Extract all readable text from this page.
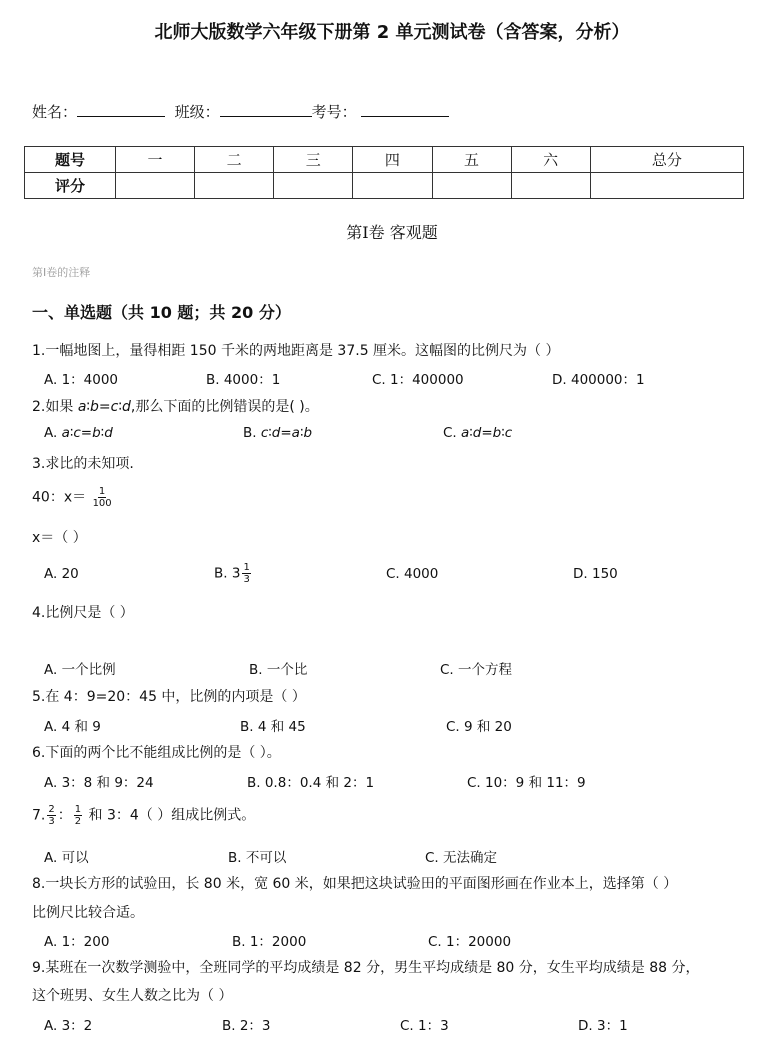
北师大版数学六年级下册第 2 单元测试卷（含答案，分析）
姓名：	班级：	考号：
题号	一	二	三	四	五	六	总分
评分							
第Ⅰ卷 客观题
第Ⅰ卷的注释
一、单选题（共 10 题；共 20 分）
1.一幅地图上，量得相距 150 千米的两地距离是 37.5 厘米。这幅图的比例尺为（ ）
A. 1：4000	B. 4000：1	C. 1：400000	D. 400000：1
2.如果 a∶b=c∶d,那么下面的比例错误的是( )。
A. a∶c=b∶d	B. c∶d=a∶b	C. a∶d=b∶c
3.求比的未知项.
40：$x= \frac{1}{100}$
x＝（ ）
A. 20	B. $3 \frac{1}{3}$	C. 4000	D. 150
4.比例尺是（ ）
A. 一个比例	B. 一个比	C. 一个方程
5.在 4：9=20：45 中，比例的内项是（ ）
A. 4 和 9	B. 4 和 45	C. 9 和 20
6.下面的两个比不能组成比例的是（ ）。
A. 3：8 和 9：24	B. 0.8：0.4 和 2：1	C. 10：9 和 11：9
7. $\frac{2}{3}$ ： $\frac{1}{2}$ 和 3：4（ ）组成比例式。
A. 可以	B. 不可以	C. 无法确定
8.一块长方形的试验田，长 80 米，宽 60 米，如果把这块试验田的平面图形画在作业本上，选择第（ ）
比例尺比较合适。
A. 1：200	B. 1：2000	C. 1：20000
9.某班在一次数学测验中，全班同学的平均成绩是 82 分，男生平均成绩是 80 分，女生平均成绩是 88 分，
这个班男、女生人数之比为（ ）
A. 3：2	B. 2：3	C. 1：3	D. 3：1
